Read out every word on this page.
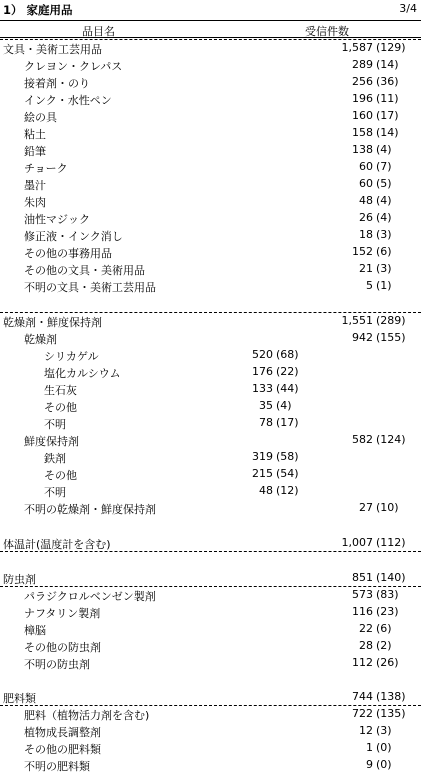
1） 家庭用品	3/4
品目名	受信件数
文具・美術工芸用品	1,587 (129)
クレヨン・クレパス	289 (14)
接着剤・のり	256 (36)
インク・水性ペン	196 (11)
絵の具	160 (17)
粘土	158 (14)
鉛筆	138 (4)
チョーク	60 (7)
墨汁	60 (5)
朱肉	48 (4)
油性マジック	26 (4)
修正液・インク消し	18 (3)
その他の事務用品	152 (6)
その他の文具・美術用品	21 (3)
不明の文具・美術工芸用品	5 (1)
乾燥剤・鮮度保持剤	1,551 (289)
乾燥剤	942 (155)
シリカゲル	520 (68)
塩化カルシウム	176 (22)
生石灰	133 (44)
その他	35 (4)
不明	78 (17)
鮮度保持剤	582 (124)
鉄剤	319 (58)
その他	215 (54)
不明	48 (12)
不明の乾燥剤・鮮度保持剤	27 (10)
体温計(温度計を含む)	1,007 (112)
防虫剤	851 (140)
パラジクロルベンゼン製剤	573 (83)
ナフタリン製剤	116 (23)
樟脳	22 (6)
その他の防虫剤	28 (2)
不明の防虫剤	112 (26)
肥料類	744 (138)
肥料（植物活力剤を含む)	722 (135)
植物成長調整剤	12 (3)
その他の肥料類	1 (0)
不明の肥料類	9 (0)
